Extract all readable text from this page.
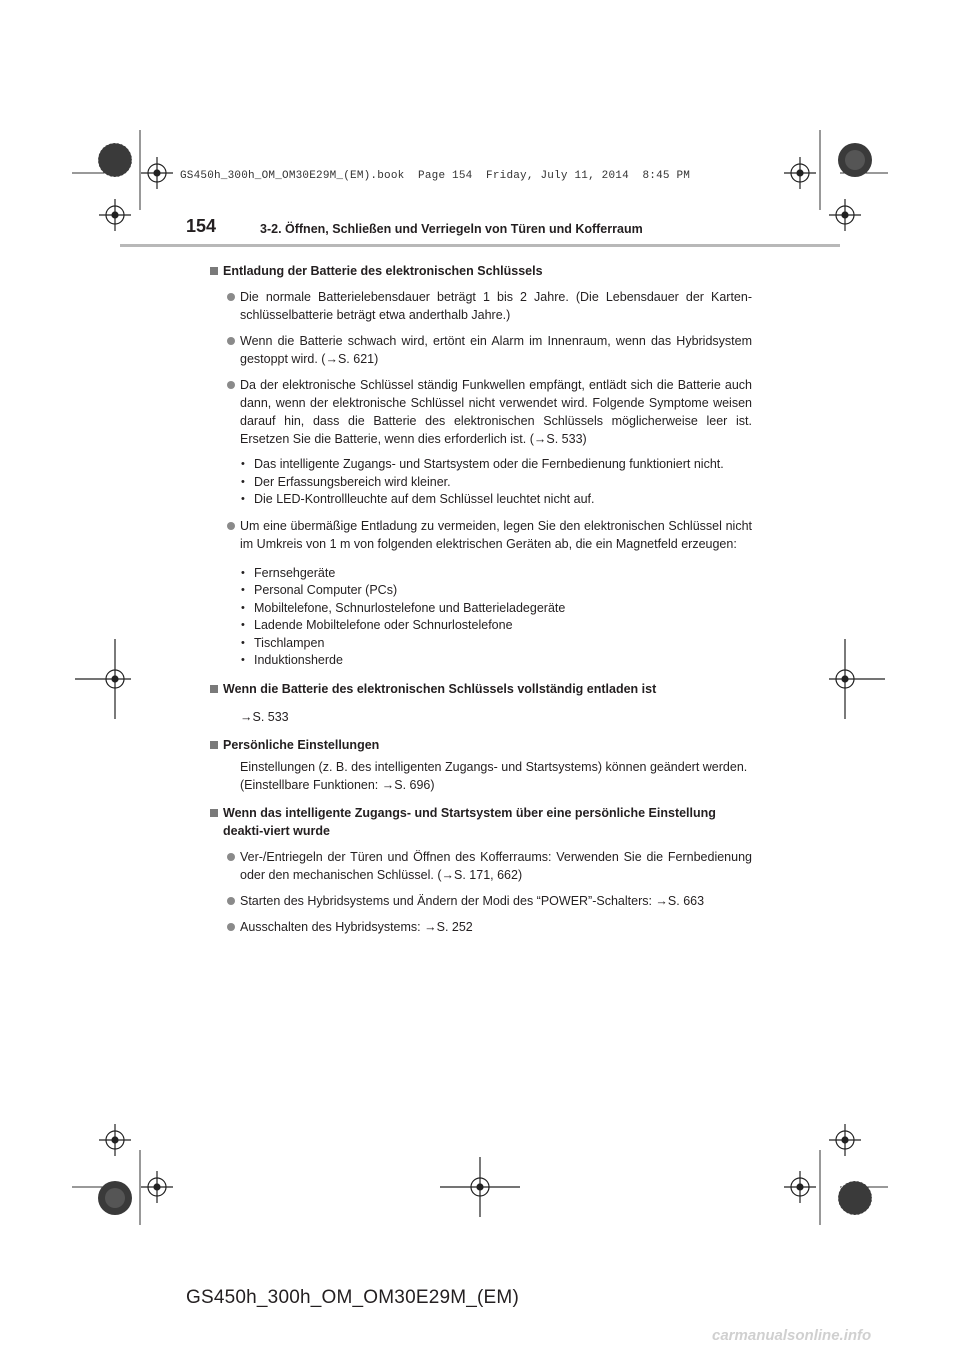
GS450h_300h_OM_OM30E29M_(EM).book  Page 154  Friday, July 11, 2014  8:45 PM
154	3-2. Öffnen, Schließen und Verriegeln von Türen und Kofferraum
Entladung der Batterie des elektronischen Schlüssels
Die normale Batterielebensdauer beträgt 1 bis 2 Jahre. (Die Lebensdauer der Karten-schlüsselbatterie beträgt etwa anderthalb Jahre.)
Wenn die Batterie schwach wird, ertönt ein Alarm im Innenraum, wenn das Hybridsystem gestoppt wird. (→S. 621)
Da der elektronische Schlüssel ständig Funkwellen empfängt, entlädt sich die Batterie auch dann, wenn der elektronische Schlüssel nicht verwendet wird. Folgende Symptome weisen darauf hin, dass die Batterie des elektronischen Schlüssels möglicherweise leer ist. Ersetzen Sie die Batterie, wenn dies erforderlich ist. (→S. 533)
• Das intelligente Zugangs- und Startsystem oder die Fernbedienung funktioniert nicht.
• Der Erfassungsbereich wird kleiner.
• Die LED-Kontrollleuchte auf dem Schlüssel leuchtet nicht auf.
Um eine übermäßige Entladung zu vermeiden, legen Sie den elektronischen Schlüssel nicht im Umkreis von 1 m von folgenden elektrischen Geräten ab, die ein Magnetfeld erzeugen:
• Fernsehgeräte
• Personal Computer (PCs)
• Mobiltelefone, Schnurlostelefone und Batterieladegeräte
• Ladende Mobiltelefone oder Schnurlostelefone
• Tischlampen
• Induktionsherde
Wenn die Batterie des elektronischen Schlüssels vollständig entladen ist
→S. 533
Persönliche Einstellungen
Einstellungen (z. B. des intelligenten Zugangs- und Startsystems) können geändert werden. (Einstellbare Funktionen: →S. 696)
Wenn das intelligente Zugangs- und Startsystem über eine persönliche Einstellung deakti-viert wurde
Ver-/Entriegeln der Türen und Öffnen des Kofferraums: Verwenden Sie die Fernbedienung oder den mechanischen Schlüssel. (→S. 171, 662)
Starten des Hybridsystems und Ändern der Modi des “POWER”-Schalters: →S. 663
Ausschalten des Hybridsystems: →S. 252
GS450h_300h_OM_OM30E29M_(EM)
carmanualsonline.info
